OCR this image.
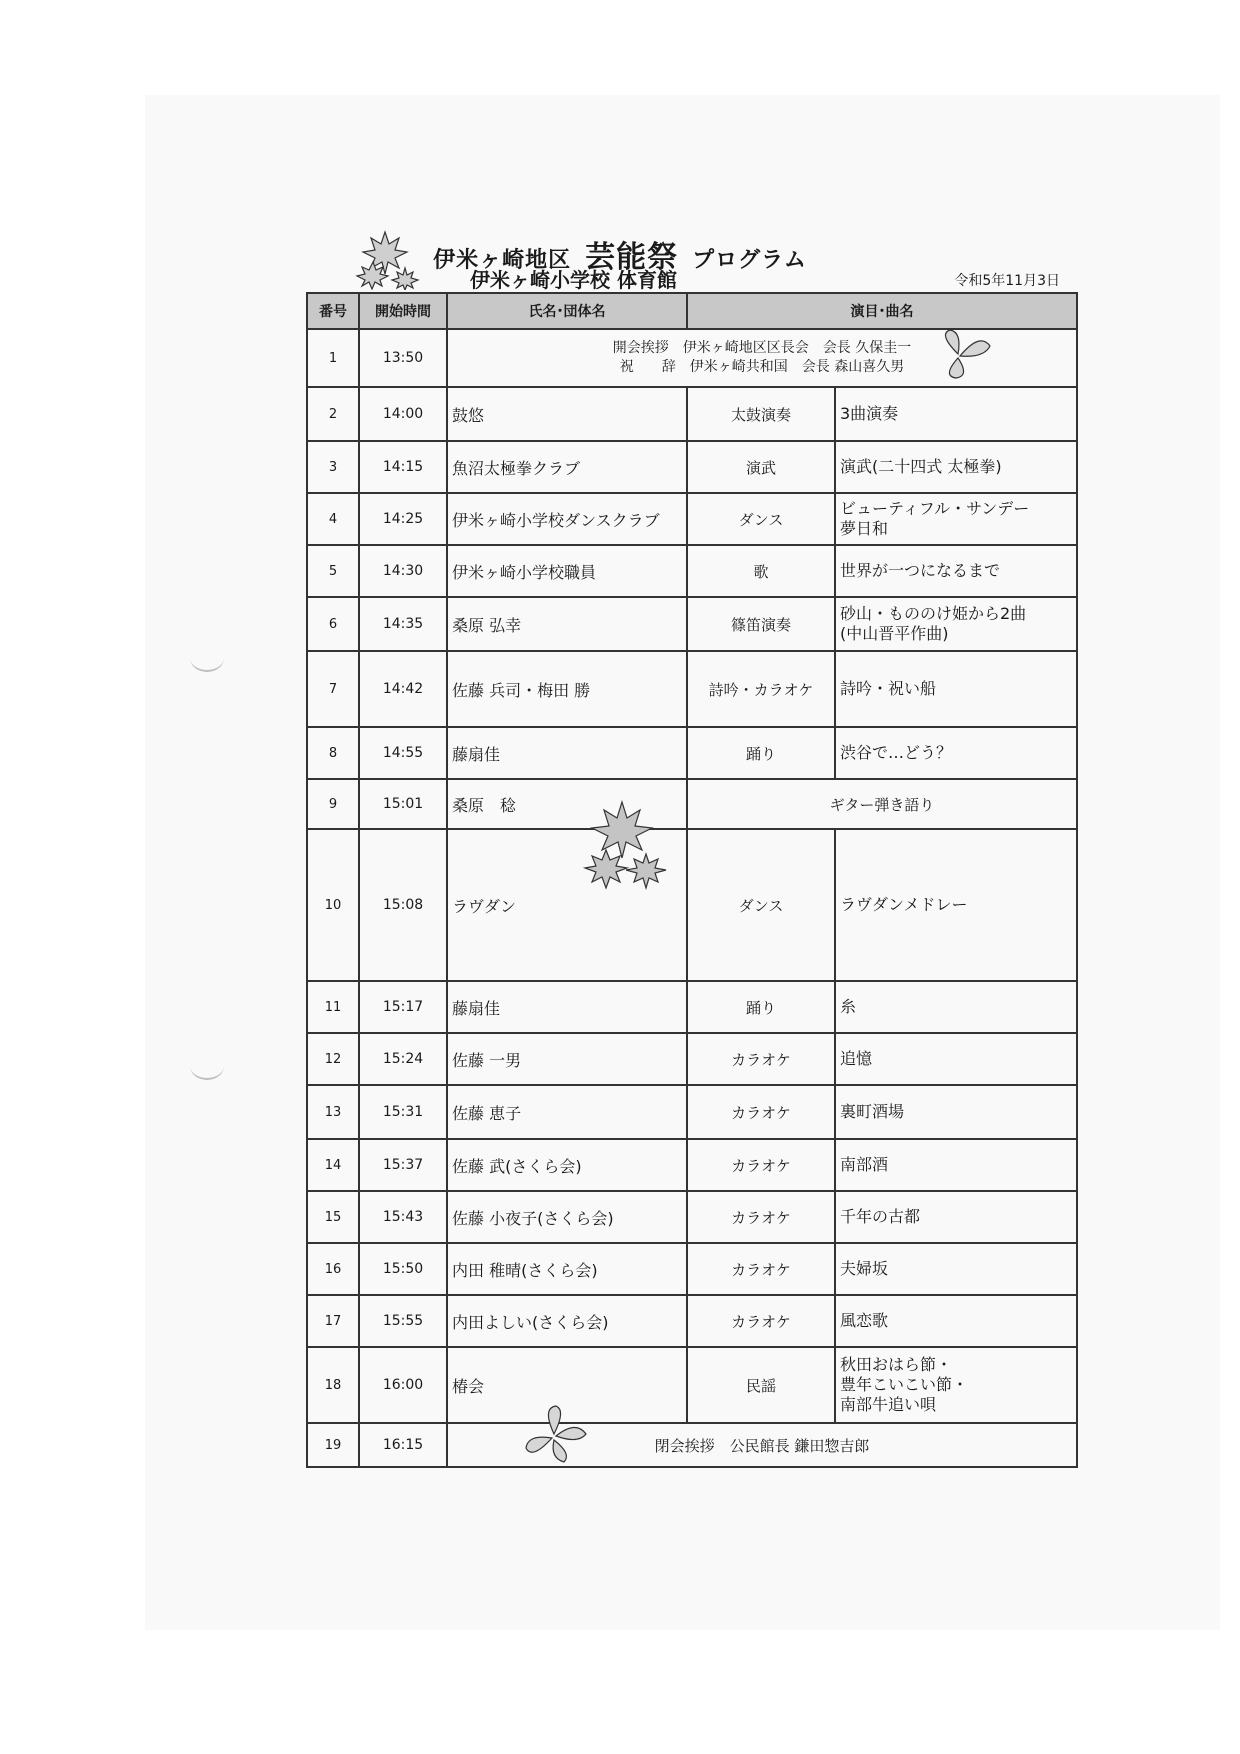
伊米ヶ崎地区 芸能祭 プログラム
伊米ヶ崎小学校 体育館	令和5年11月3日
番号	開始時間	氏名･団体名	演目･曲名	
1	13:50	開会挨拶　伊米ヶ崎地区区長会　会長 久保圭一
祝　　辞　伊米ヶ崎共和国　会長 森山喜久男		

2	14:00	鼓悠	太鼓演奏	3曲演奏

3	14:15	魚沼太極拳クラブ	演武	演武(二十四式 太極拳)

4	14:25	伊米ヶ崎小学校ダンスクラブ	ダンス	ビューティフル・サンデー
夢日和

5	14:30	伊米ヶ崎小学校職員	歌	世界が一つになるまで

6	14:35	桑原 弘幸	篠笛演奏	砂山・もののけ姫から2曲
(中山晋平作曲)

7	14:42	佐藤 兵司・梅田 勝	詩吟・カラオケ	詩吟・祝い船

8	14:55	藤扇佳	踊り	渋谷で…どう？

9	15:01	桑原　稔	ギター弾き語り	
10	15:08	ラヴダン	ダンス	ラヴダンメドレー

11	15:17	藤扇佳	踊り	糸

12	15:24	佐藤 一男	カラオケ	追憶

13	15:31	佐藤 恵子	カラオケ	裏町酒場

14	15:37	佐藤 武(さくら会)	カラオケ	南部酒

15	15:43	佐藤 小夜子(さくら会)	カラオケ	千年の古都

16	15:50	内田 稚晴(さくら会)	カラオケ	夫婦坂

17	15:55	内田よしい(さくら会)	カラオケ	風恋歌

18	16:00	椿会	民謡	秋田おはら節・
豊年こいこい節・
南部牛追い唄

19	16:15	閉会挨拶　公民館長 鎌田惣吉郎		
